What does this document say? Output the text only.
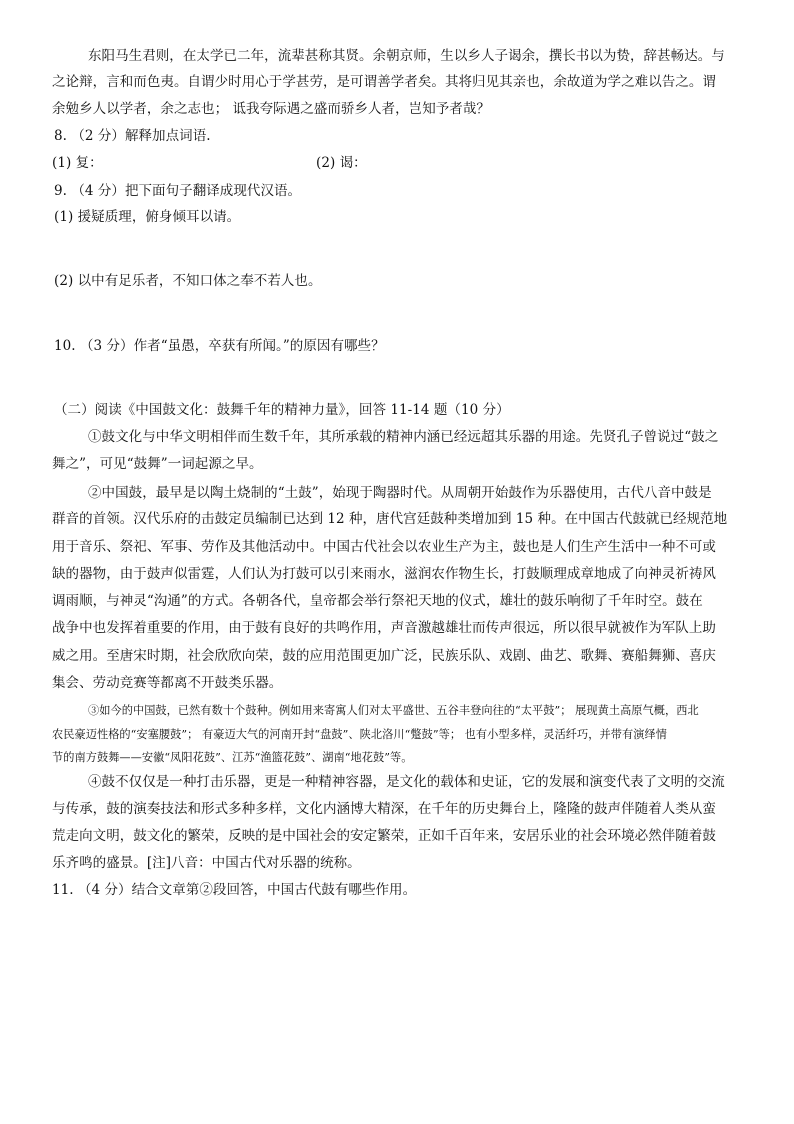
东阳马生君则，在太学已二年，流辈甚称其贤。余朝京师，生以乡人子谒余，撰长书以为贽，辞甚畅达。与
之论辩，言和而色夷。自谓少时用心于学甚劳，是可谓善学者矣。其将归见其亲也，余故道为学之难以告之。谓
余勉乡人以学者，余之志也； 诋我夸际遇之盛而骄乡人者，岂知予者哉？
8. （2 分）解释加点词语.
(1) 复：	(2) 谒：
9. （4 分）把下面句子翻译成现代汉语。
(1) 援疑质理，俯身倾耳以请。
(2) 以中有足乐者，不知口体之奉不若人也。
10. （3 分）作者“虽愚，卒获有所闻。”的原因有哪些？
（二）阅读《中国鼓文化：鼓舞千年的精神力量》，回答 11-14 题（10 分）
①鼓文化与中华文明相伴而生数千年，其所承载的精神内涵已经远超其乐器的用途。先贤孔子曾说过“鼓之
舞之”，可见“鼓舞”一词起源之早。
②中国鼓，最早是以陶土烧制的“土鼓”，始现于陶器时代。从周朝开始鼓作为乐器使用，古代八音中鼓是
群音的首领。汉代乐府的击鼓定员编制已达到 12 种，唐代宫廷鼓种类增加到 15 种。在中国古代鼓就已经规范地
用于音乐、祭祀、军事、劳作及其他活动中。中国古代社会以农业生产为主，鼓也是人们生产生活中一种不可或
缺的器物，由于鼓声似雷霆，人们认为打鼓可以引来雨水，滋润农作物生长，打鼓顺理成章地成了向神灵祈祷风
调雨顺，与神灵“沟通”的方式。各朝各代，皇帝都会举行祭祀天地的仪式，雄壮的鼓乐响彻了千年时空。鼓在
战争中也发挥着重要的作用，由于鼓有良好的共鸣作用，声音激越雄壮而传声很远，所以很早就被作为军队上助
威之用。至唐宋时期，社会欣欣向荣，鼓的应用范围更加广泛，民族乐队、戏剧、曲艺、歌舞、赛船舞狮、喜庆
集会、劳动竞赛等都离不开鼓类乐器。
③如今的中国鼓，已然有数十个鼓种。例如用来寄寓人们对太平盛世、五谷丰登向往的“太平鼓”； 展现黄土高原气概，西北
农民豪迈性格的“安塞腰鼓”； 有豪迈大气的河南开封“盘鼓”、陕北洛川“蹩鼓”等； 也有小型多样，灵活纤巧，并带有演绎情
节的南方鼓舞——安徽“凤阳花鼓”、江苏“渔篮花鼓”、湖南“地花鼓”等。
④鼓不仅仅是一种打击乐器，更是一种精神容器，是文化的载体和史证，它的发展和演变代表了文明的交流
与传承，鼓的演奏技法和形式多种多样，文化内涵博大精深，在千年的历史舞台上，隆隆的鼓声伴随着人类从蛮
荒走向文明，鼓文化的繁荣，反映的是中国社会的安定繁荣，正如千百年来，安居乐业的社会环境必然伴随着鼓
乐齐鸣的盛景。[注]八音：中国古代对乐器的统称。
11. （4 分）结合文章第②段回答，中国古代鼓有哪些作用。
